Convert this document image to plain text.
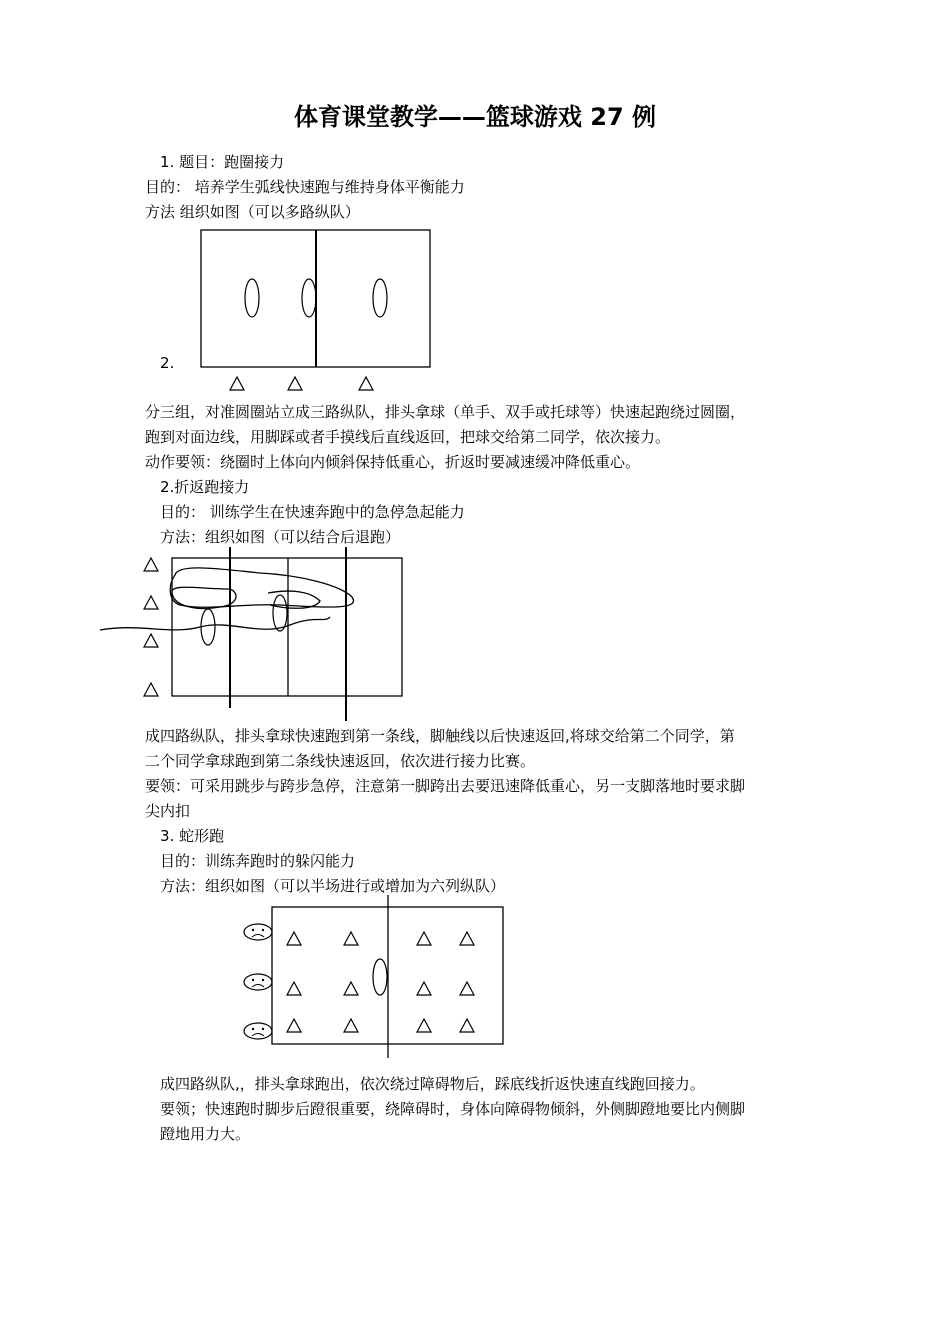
体育课堂教学——篮球游戏 27 例

1. 题目：跑圈接力

目的： 培养学生弧线快速跑与维持身体平衡能力

方法 组织如图（可以多路纵队）

2.

分三组，对准圆圈站立成三路纵队，排头拿球（单手、双手或托球等）快速起跑绕过圆圈，

跑到对面边线，用脚踩或者手摸线后直线返回，把球交给第二同学，依次接力。

动作要领：绕圈时上体向内倾斜保持低重心，折返时要减速缓冲降低重心。

2.折返跑接力

目的： 训练学生在快速奔跑中的急停急起能力

方法：组织如图（可以结合后退跑）

成四路纵队，排头拿球快速跑到第一条线，脚触线以后快速返回,将球交给第二个同学，第

二个同学拿球跑到第二条线快速返回，依次进行接力比赛。

要领：可采用跳步与跨步急停，注意第一脚跨出去要迅速降低重心，另一支脚落地时要求脚

尖内扣

3. 蛇形跑

目的：训练奔跑时的躲闪能力

方法：组织如图（可以半场进行或增加为六列纵队）

成四路纵队,，排头拿球跑出，依次绕过障碍物后，踩底线折返快速直线跑回接力。

要领；快速跑时脚步后蹬很重要，绕障碍时，身体向障碍物倾斜，外侧脚蹬地要比内侧脚

蹬地用力大。
